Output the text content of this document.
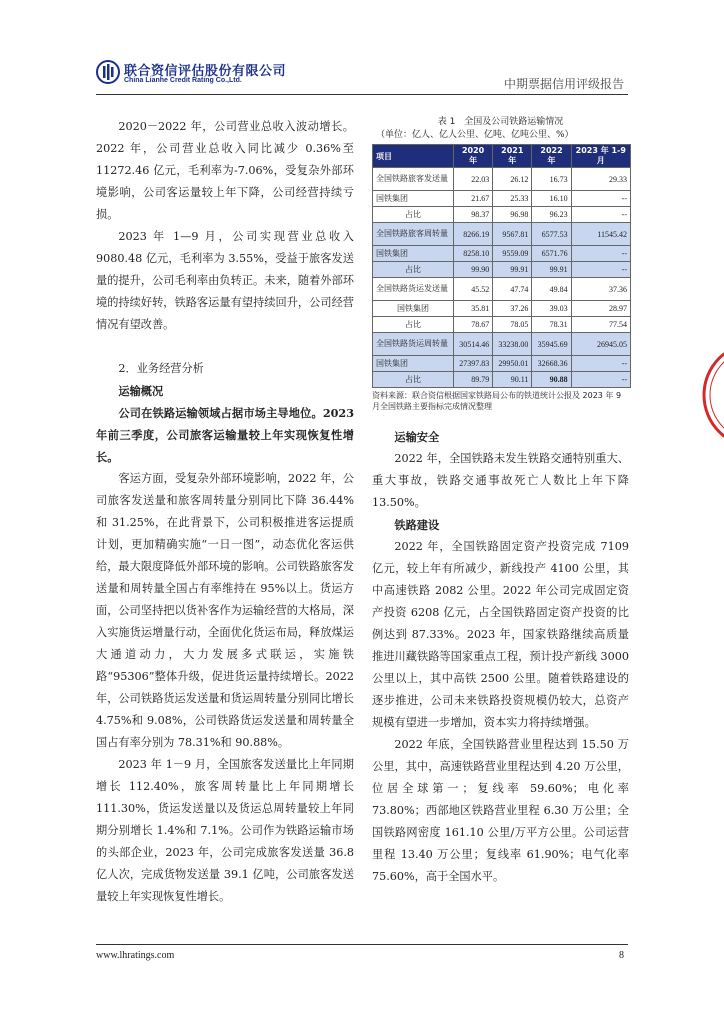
联合资信评估股份有限公司
China Lianhe Credit Rating Co.,Ltd.	中期票据信用评级报告

2020－2022 年，公司营业总收入波动增长。2022 年，公司营业总收入同比减少 0.36%至 11272.46 亿元，毛利率为-7.06%，受复杂外部环境影响，公司客运量较上年下降，公司经营持续亏损。

2023 年 1—9 月，公司实现营业总收入 9080.48 亿元，毛利率为 3.55%，受益于旅客发送量的提升，公司毛利率由负转正。未来，随着外部环境的持续好转，铁路客运量有望持续回升，公司经营情况有望改善。

2．业务经营分析

运输概况

公司在铁路运输领域占据市场主导地位。2023 年前三季度，公司旅客运输量较上年实现恢复性增长。

客运方面，受复杂外部环境影响，2022 年，公司旅客发送量和旅客周转量分别同比下降 36.44%和 31.25%，在此背景下，公司积极推进客运提质计划，更加精确实施“一日一图”，动态优化客运供给，最大限度降低外部环境的影响。公司铁路旅客发送量和周转量全国占有率维持在 95%以上。货运方面，公司坚持把以货补客作为运输经营的大格局，深入实施货运增量行动，全面优化货运布局，释放煤运大通道动力，大力发展多式联运，实施铁路“95306”整体升级，促进货运量持续增长。2022 年，公司铁路货运发送量和货运周转量分别同比增长 4.75%和 9.08%，公司铁路货运发送量和周转量全国占有率分别为 78.31%和 90.88%。

2023 年 1－9 月，全国旅客发送量比上年同期增长 112.40%，旅客周转量比上年同期增长 111.30%，货运发送量以及货运总周转量较上年同期分别增长 1.4%和 7.1%。公司作为铁路运输市场的头部企业，2023 年，公司完成旅客发送量 36.8 亿人次，完成货物发送量 39.1 亿吨，公司旅客发送量较上年实现恢复性增长。

表 1　全国及公司铁路运输情况
（单位：亿人、亿人公里、亿吨、亿吨公里、%）
项目	2020 年	2021 年	2022 年	2023 年 1-9 月
全国铁路旅客发送量	22.03	26.12	16.73	29.33
国铁集团	21.67	25.33	16.10	--
占比	98.37	96.98	96.23	--
全国铁路旅客周转量	8266.19	9567.81	6577.53	11545.42
国铁集团	8258.10	9559.09	6571.76	--
占比	99.90	99.91	99.91	--
全国铁路货运发送量	45.52	47.74	49.84	37.36
国铁集团	35.81	37.26	39.03	28.97
占比	78.67	78.05	78.31	77.54
全国铁路货运周转量	30514.46	33238.00	35945.69	26945.05
国铁集团	27397.83	29950.01	32668.36	--
占比	89.79	90.11	90.88	--
资料来源：联合资信根据国家铁路局公布的铁道统计公报及 2023 年 9 月全国铁路主要指标完成情况整理

运输安全

2022 年，全国铁路未发生铁路交通特别重大、重大事故，铁路交通事故死亡人数比上年下降 13.50%。

铁路建设

2022 年，全国铁路固定资产投资完成 7109 亿元，较上年有所减少，新线投产 4100 公里，其中高速铁路 2082 公里。2022 年公司完成固定资产投资 6208 亿元，占全国铁路固定资产投资的比例达到 87.33%。2023 年，国家铁路继续高质量推进川藏铁路等国家重点工程，预计投产新线 3000 公里以上，其中高铁 2500 公里。随着铁路建设的逐步推进，公司未来铁路投资规模仍较大，总资产规模有望进一步增加，资本实力将持续增强。

2022 年底，全国铁路营业里程达到 15.50 万公里，其中，高速铁路营业里程达到 4.20 万公里，位居全球第一；复线率 59.60%；电化率 73.80%；西部地区铁路营业里程 6.30 万公里；全国铁路网密度 161.10 公里/万平方公里。公司运营里程 13.40 万公里；复线率 61.90%；电气化率 75.60%，高于全国水平。

www.lhratings.com	8
